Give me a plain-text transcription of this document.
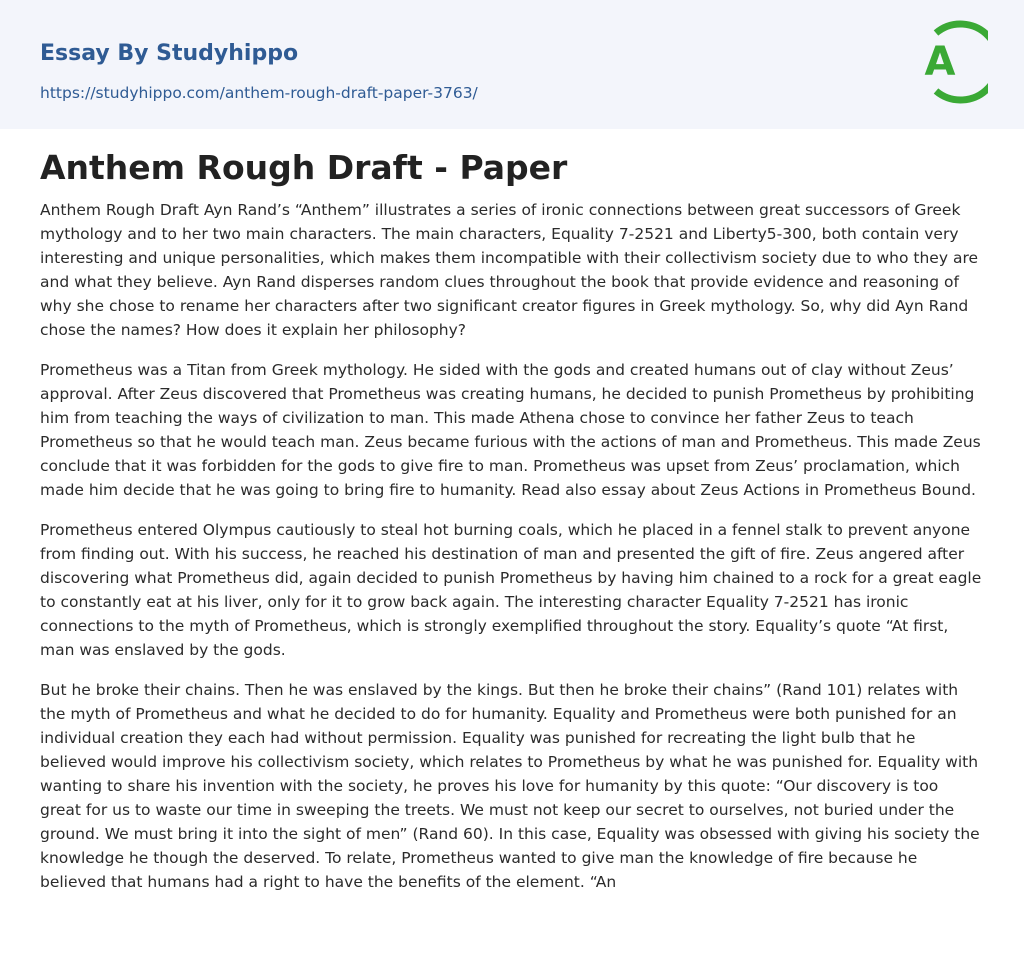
Essay By Studyhippo
https://studyhippo.com/anthem-rough-draft-paper-3763/
A
Anthem Rough Draft - Paper

Anthem Rough Draft Ayn Rand’s “Anthem” illustrates a series of ironic connections between great successors of Greek mythology and to her two main characters. The main characters, Equality 7-2521 and Liberty5-300, both contain very interesting and unique personalities, which makes them incompatible with their collectivism society due to who they are and what they believe. Ayn Rand disperses random clues throughout the book that provide evidence and reasoning of why she chose to rename her characters after two significant creator figures in Greek mythology. So, why did Ayn Rand chose the names? How does it explain her philosophy?

Prometheus was a Titan from Greek mythology. He sided with the gods and created humans out of clay without Zeus’ approval. After Zeus discovered that Prometheus was creating humans, he decided to punish Prometheus by prohibiting him from teaching the ways of civilization to man. This made Athena chose to convince her father Zeus to teach Prometheus so that he would teach man. Zeus became furious with the actions of man and Prometheus. This made Zeus conclude that it was forbidden for the gods to give fire to man. Prometheus was upset from Zeus’ proclamation, which made him decide that he was going to bring fire to humanity. Read also essay about Zeus Actions in Prometheus Bound.

Prometheus entered Olympus cautiously to steal hot burning coals, which he placed in a fennel stalk to prevent anyone from finding out. With his success, he reached his destination of man and presented the gift of fire. Zeus angered after discovering what Prometheus did, again decided to punish Prometheus by having him chained to a rock for a great eagle to constantly eat at his liver, only for it to grow back again. The interesting character Equality 7-2521 has ironic connections to the myth of Prometheus, which is strongly exemplified throughout the story. Equality’s quote “At first, man was enslaved by the gods.

But he broke their chains. Then he was enslaved by the kings. But then he broke their chains” (Rand 101) relates with the myth of Prometheus and what he decided to do for humanity. Equality and Prometheus were both punished for an individual creation they each had without permission. Equality was punished for recreating the light bulb that he believed would improve his collectivism society, which relates to Prometheus by what he was punished for. Equality with wanting to share his invention with the society, he proves his love for humanity by this quote: “Our discovery is too great for us to waste our time in sweeping the treets. We must not keep our secret to ourselves, not buried under the ground. We must bring it into the sight of men” (Rand 60). In this case, Equality was obsessed with giving his society the knowledge he though the deserved. To relate, Prometheus wanted to give man the knowledge of fire because he believed that humans had a right to have the benefits of the element. “An
